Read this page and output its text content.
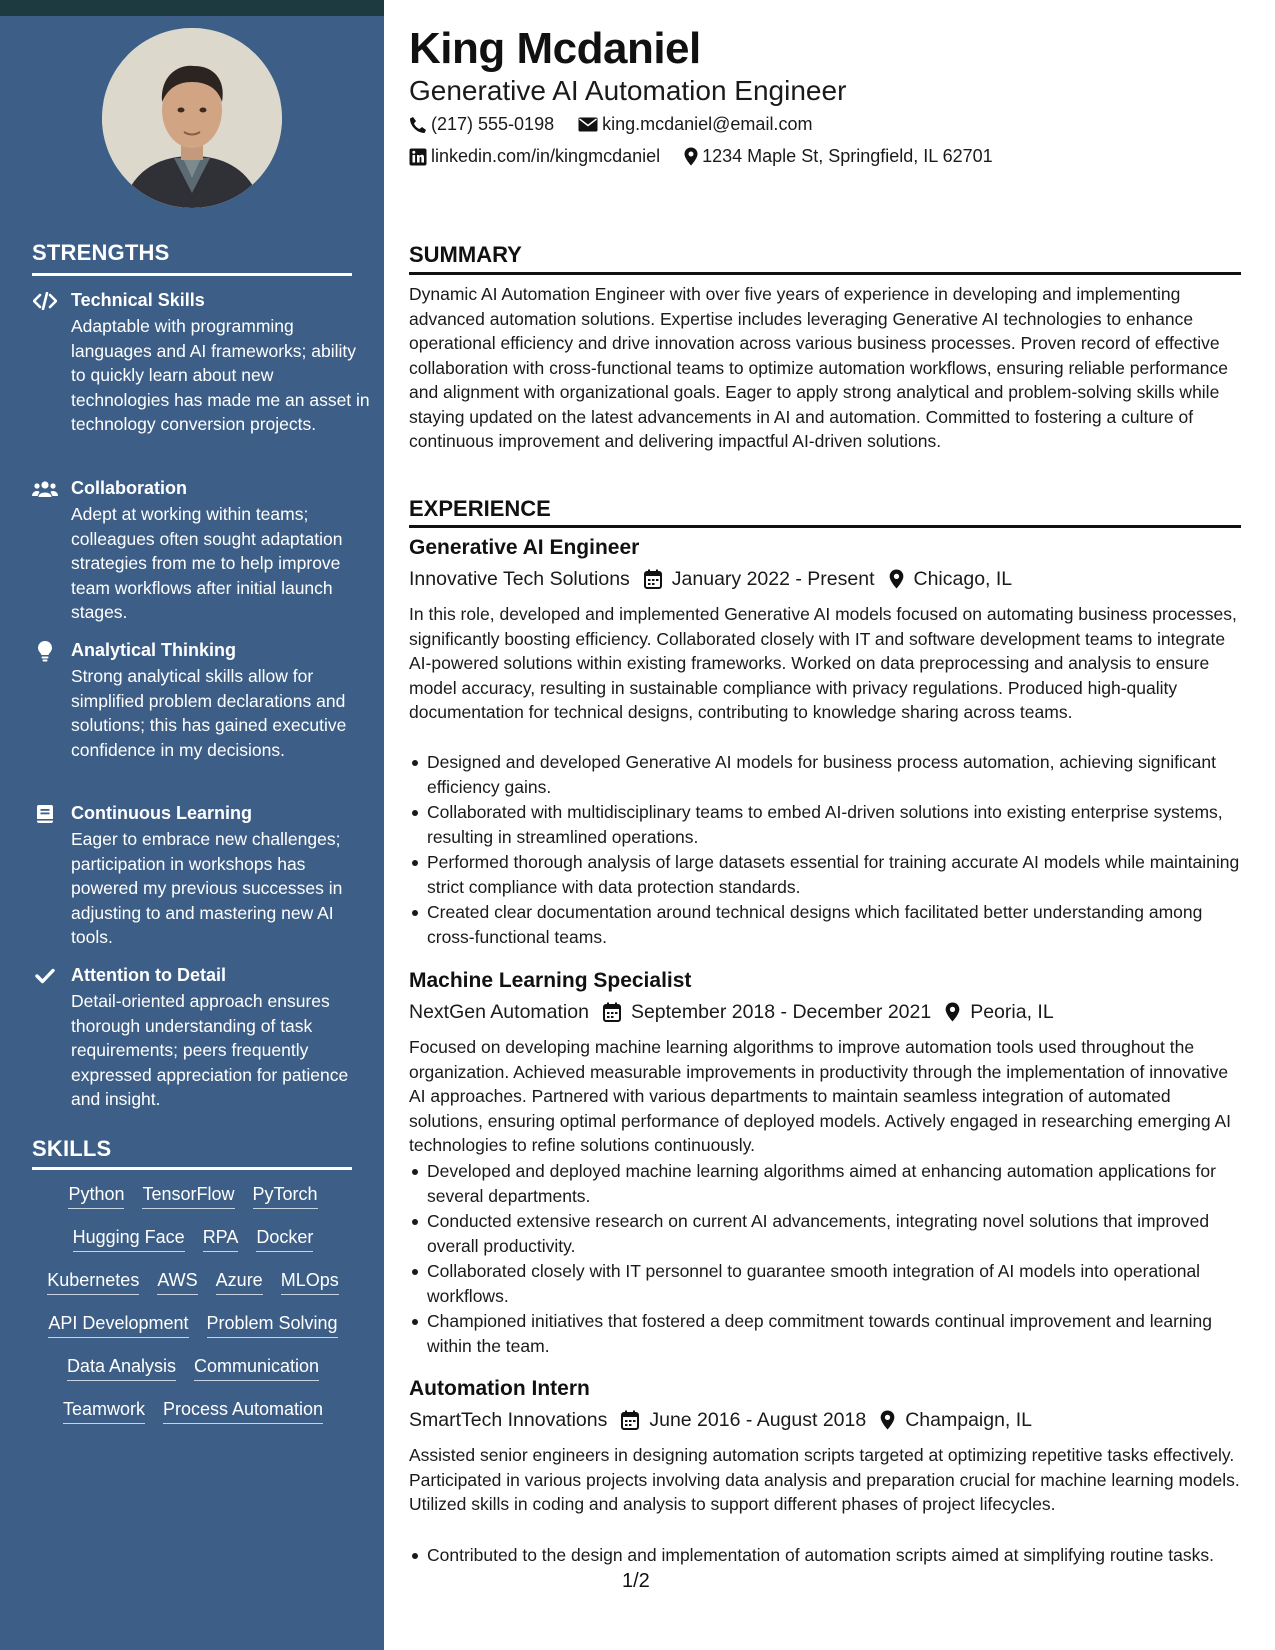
STRENGTHS
Technical Skills
Adaptable with programming languages and AI frameworks; ability to quickly learn about new technologies has made me an asset in technology conversion projects.
Collaboration
Adept at working within teams; colleagues often sought adaptation strategies from me to help improve team workflows after initial launch stages.
Analytical Thinking
Strong analytical skills allow for simplified problem declarations and solutions; this has gained executive confidence in my decisions.
Continuous Learning
Eager to embrace new challenges; participation in workshops has powered my previous successes in adjusting to and mastering new AI tools.
Attention to Detail
Detail-oriented approach ensures thorough understanding of task requirements; peers frequently expressed appreciation for patience and insight.
SKILLS
Python TensorFlow PyTorch
Hugging Face RPA Docker
Kubernetes AWS Azure MLOps
API Development Problem Solving
Data Analysis Communication
Teamwork Process Automation
King Mcdaniel
Generative AI Automation Engineer
(217) 555-0198	king.mcdaniel@email.com
linkedin.com/in/kingmcdaniel 1234 Maple St, Springfield, IL 62701
SUMMARY
Dynamic AI Automation Engineer with over five years of experience in developing and implementing advanced automation solutions. Expertise includes leveraging Generative AI technologies to enhance operational efficiency and drive innovation across various business processes. Proven record of effective collaboration with cross-functional teams to optimize automation workflows, ensuring reliable performance and alignment with organizational goals. Eager to apply strong analytical and problem-solving skills while staying updated on the latest advancements in AI and automation. Committed to fostering a culture of continuous improvement and delivering impactful AI-driven solutions.
EXPERIENCE
Generative AI Engineer
Innovative Tech Solutions January 2022 - Present Chicago, IL
In this role, developed and implemented Generative AI models focused on automating business processes, significantly boosting efficiency. Collaborated closely with IT and software development teams to integrate AI-powered solutions within existing frameworks. Worked on data preprocessing and analysis to ensure model accuracy, resulting in sustainable compliance with privacy regulations. Produced high-quality documentation for technical designs, contributing to knowledge sharing across teams.
Designed and developed Generative AI models for business process automation, achieving significant efficiency gains.
Collaborated with multidisciplinary teams to embed AI-driven solutions into existing enterprise systems, resulting in streamlined operations.
Performed thorough analysis of large datasets essential for training accurate AI models while maintaining strict compliance with data protection standards.
Created clear documentation around technical designs which facilitated better understanding among cross-functional teams.
Machine Learning Specialist
NextGen Automation September 2018 - December 2021 Peoria, IL
Focused on developing machine learning algorithms to improve automation tools used throughout the organization. Achieved measurable improvements in productivity through the implementation of innovative AI approaches. Partnered with various departments to maintain seamless integration of automated solutions, ensuring optimal performance of deployed models. Actively engaged in researching emerging AI technologies to refine solutions continuously.
Developed and deployed machine learning algorithms aimed at enhancing automation applications for several departments.
Conducted extensive research on current AI advancements, integrating novel solutions that improved overall productivity.
Collaborated closely with IT personnel to guarantee smooth integration of AI models into operational workflows.
Championed initiatives that fostered a deep commitment towards continual improvement and learning within the team.
Automation Intern
SmartTech Innovations June 2016 - August 2018 Champaign, IL
Assisted senior engineers in designing automation scripts targeted at optimizing repetitive tasks effectively. Participated in various projects involving data analysis and preparation crucial for machine learning models. Utilized skills in coding and analysis to support different phases of project lifecycles.
Contributed to the design and implementation of automation scripts aimed at simplifying routine tasks.
1/2
